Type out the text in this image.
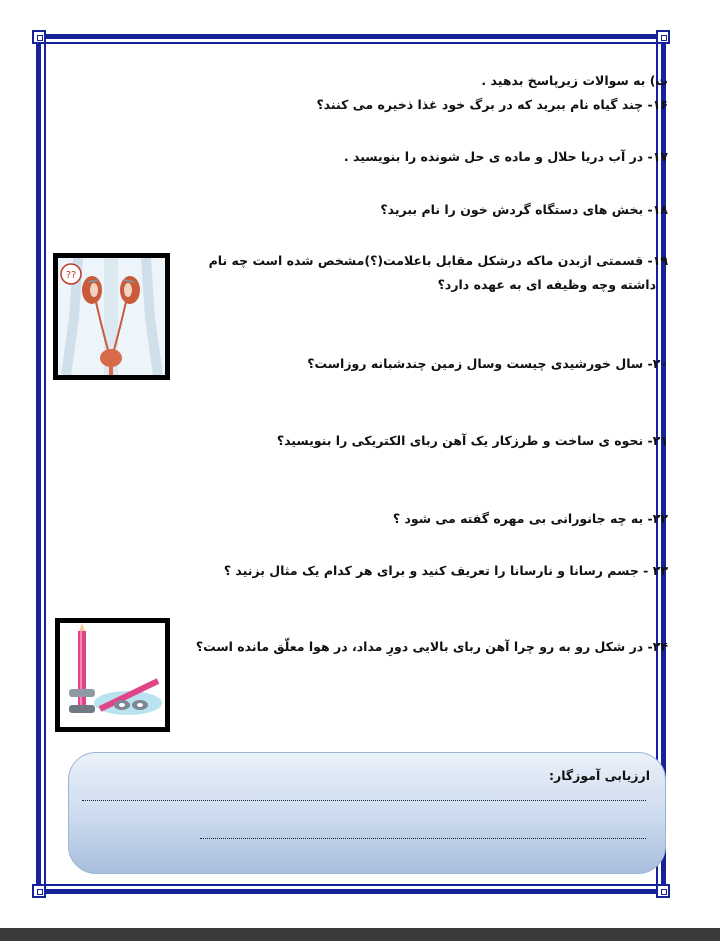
ت) به سوالات زیرپاسخ بدهید .
۱۶- چند گیاه نام ببرید که در برگ خود غذا ذخیره می کنند؟
۱۷- در آب دریا حلال و ماده ی حل شونده را بنویسید .
۱۸- بخش های دستگاه گردش خون را نام ببرید؟
۱۹- قسمتی ازبدن ماکه درشکل مقابل باعلامت(؟)مشخص شده است چه نام
داشته وچه وظیفه ای به عهده دارد؟
۲۰- سال خورشیدی چیست وسال زمین چندشبانه روزاست؟
۲۱- نحوه ی ساخت و طرزکار یک آهن ربای الکتریکی را بنویسید؟
۲۲- به چه جانورانی بی مهره گفته می شود ؟
۲۳ - جسم رسانا و نارسانا را تعریف کنید و برای هر کدام یک مثال بزنید ؟
۲۴- در شکل رو به رو چرا آهن ربای بالایی دورِ مداد، در هوا معلّق مانده است؟
??
ارزیابی آموزگار:
